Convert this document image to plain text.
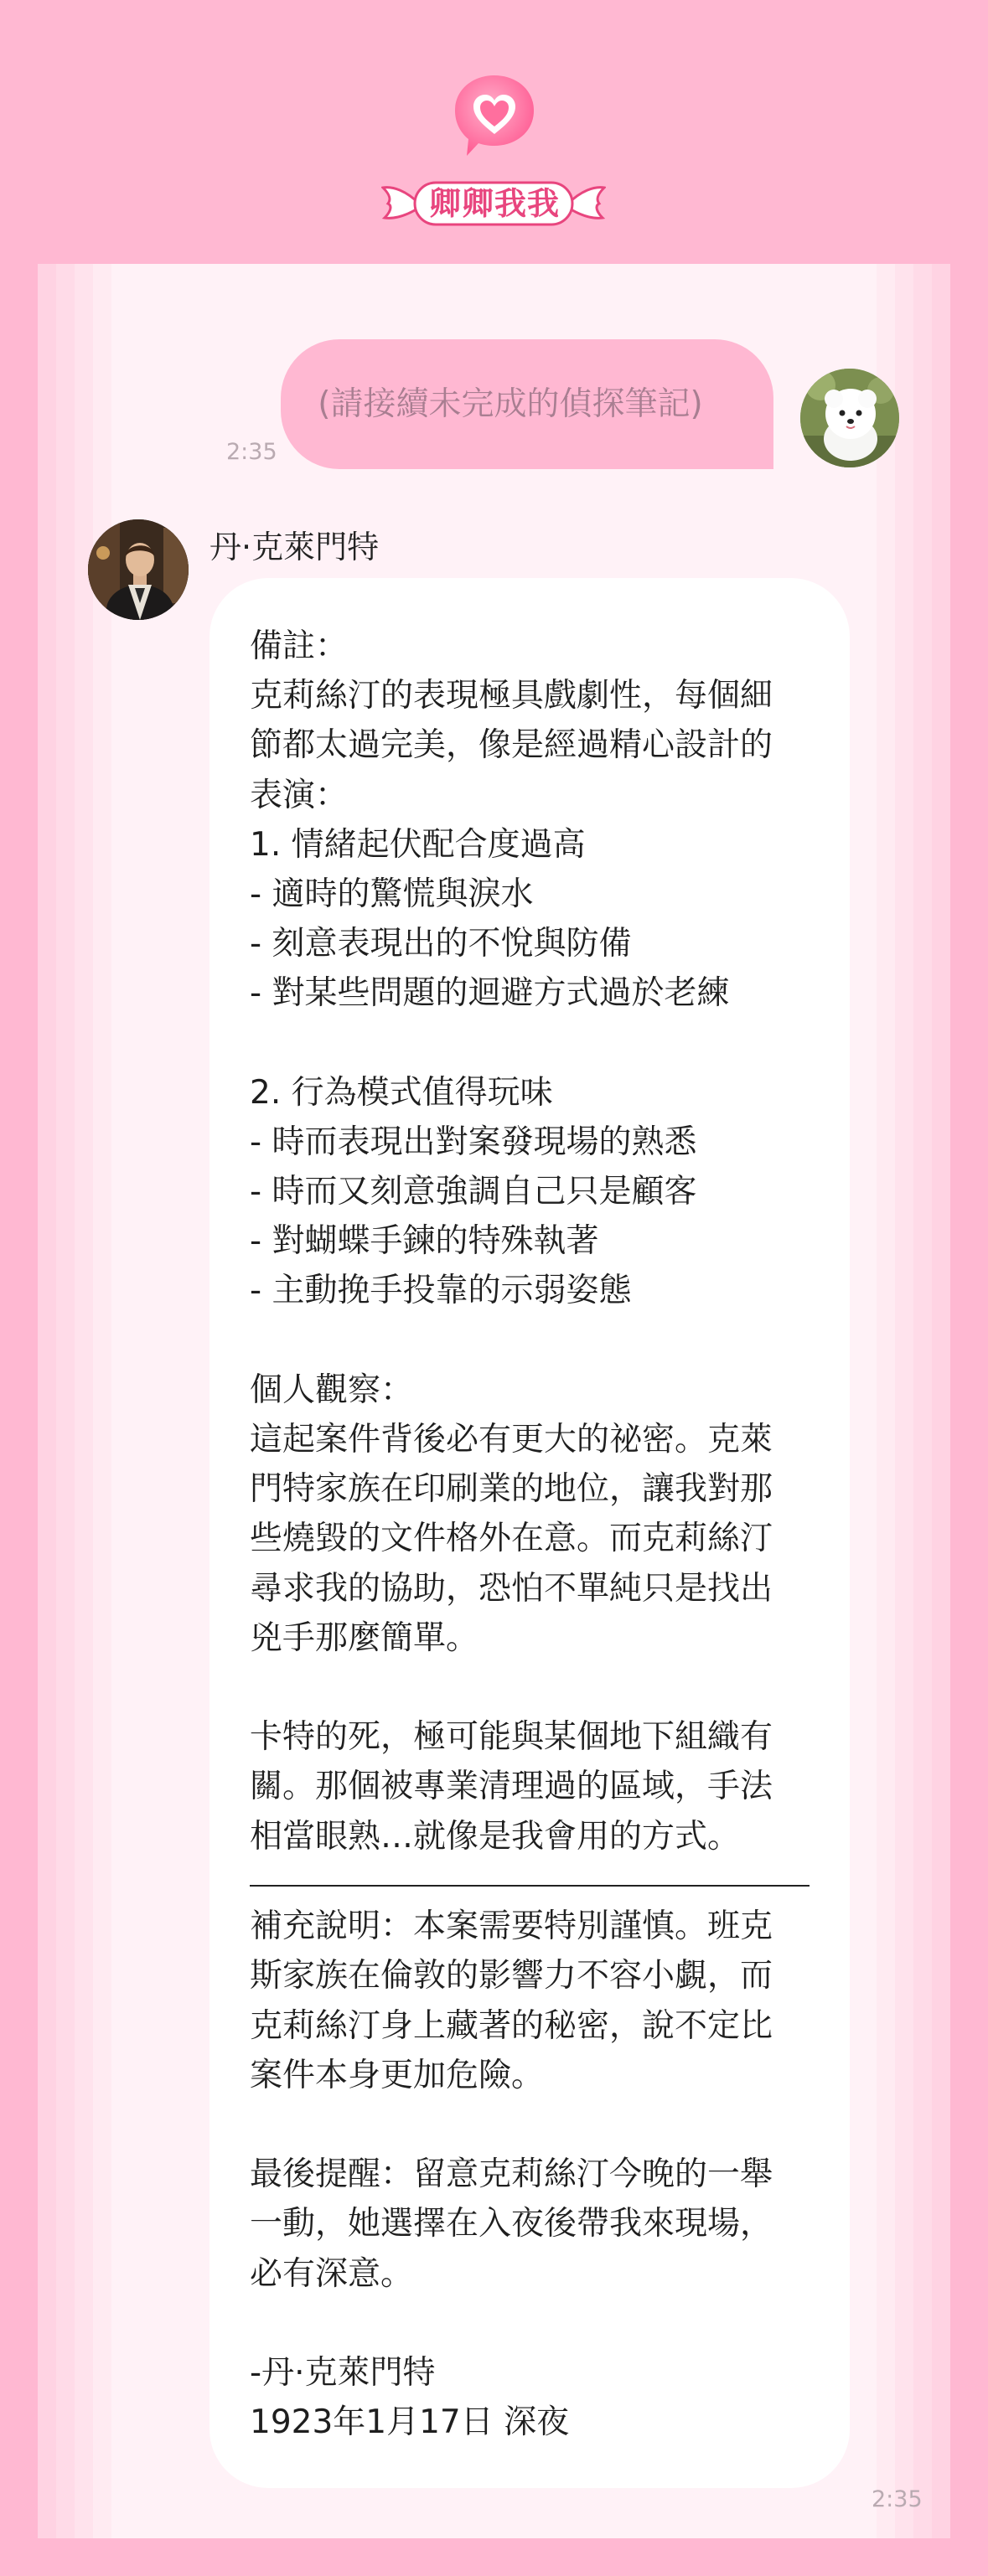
卿卿我我
(請接續未完成的偵探筆記)
2:35
丹·克萊門特
備註：
克莉絲汀的表現極具戲劇性，每個細
節都太過完美，像是經過精心設計的
表演：
1. 情緒起伏配合度過高
- 適時的驚慌與淚水
- 刻意表現出的不悅與防備
- 對某些問題的迴避方式過於老練
2. 行為模式值得玩味
- 時而表現出對案發現場的熟悉
- 時而又刻意強調自己只是顧客
- 對蝴蝶手鍊的特殊執著
- 主動挽手投靠的示弱姿態
個人觀察：
這起案件背後必有更大的祕密。克萊
門特家族在印刷業的地位，讓我對那
些燒毀的文件格外在意。而克莉絲汀
尋求我的協助，恐怕不單純只是找出
兇手那麼簡單。
卡特的死，極可能與某個地下組織有
關。那個被專業清理過的區域，手法
相當眼熟…就像是我會用的方式。
補充說明：本案需要特別謹慎。班克
斯家族在倫敦的影響力不容小覷，而
克莉絲汀身上藏著的秘密，說不定比
案件本身更加危險。
最後提醒：留意克莉絲汀今晚的一舉
一動，她選擇在入夜後帶我來現場，
必有深意。
-丹·克萊門特
1923年1月17日 深夜
2:35
